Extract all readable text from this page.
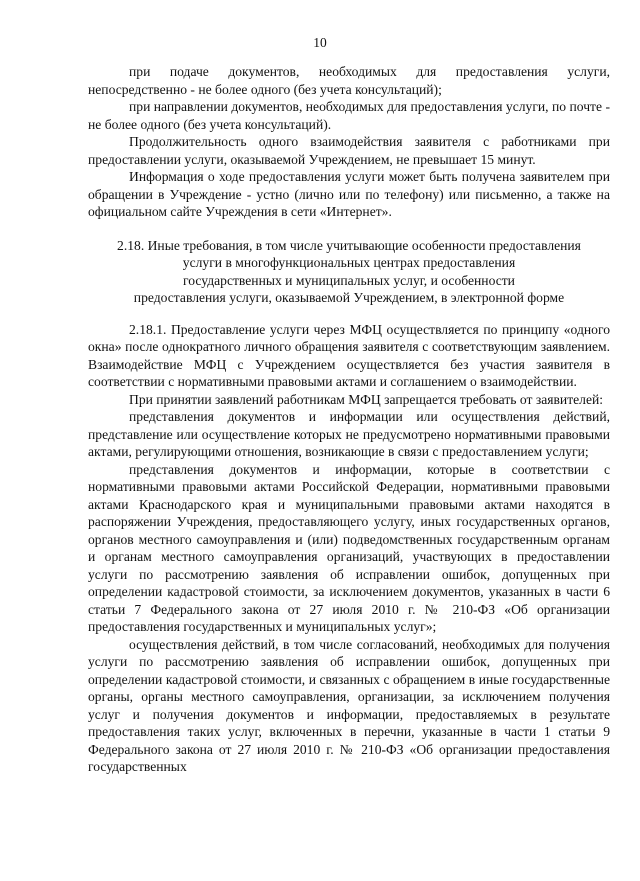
10

при подаче документов, необходимых для предоставления услуги, непосредственно - не более одного (без учета консультаций);

при направлении документов, необходимых для предоставления услуги, по почте - не более одного (без учета консультаций).

Продолжительность одного взаимодействия заявителя с работниками при предоставлении услуги, оказываемой Учреждением, не превышает 15 минут.

Информация о ходе предоставления услуги может быть получена заявителем при обращении в Учреждение - устно (лично или по телефону) или письменно, а также на официальном сайте Учреждения в сети «Интернет».

2.18. Иные требования, в том числе учитывающие особенности предоставления
услуги в многофункциональных центрах предоставления
государственных и муниципальных услуг, и особенности
предоставления услуги, оказываемой Учреждением, в электронной форме

2.18.1. Предоставление услуги через МФЦ осуществляется по принципу «одного окна» после однократного личного обращения заявителя с соответствующим заявлением. Взаимодействие МФЦ с Учреждением осуществляется без участия заявителя в соответствии с нормативными правовыми актами и соглашением о взаимодействии.

При принятии заявлений работникам МФЦ запрещается требовать от заявителей:

представления документов и информации или осуществления действий, представление или осуществление которых не предусмотрено нормативными правовыми актами, регулирующими отношения, возникающие в связи с предоставлением услуги;

представления документов и информации, которые в соответствии с нормативными правовыми актами Российской Федерации, нормативными правовыми актами Краснодарского края и муниципальными правовыми актами находятся в распоряжении Учреждения, предоставляющего услугу, иных государственных органов, органов местного самоуправления и (или) подведомственных государственным органам и органам местного самоуправления организаций, участвующих в предоставлении услуги по рассмотрению заявления об исправлении ошибок, допущенных при определении кадастровой стоимости, за исключением документов, указанных в части 6 статьи 7 Федерального закона от 27 июля 2010 г. № 210-ФЗ «Об организации предоставления государственных и муниципальных услуг»;

осуществления действий, в том числе согласований, необходимых для получения услуги по рассмотрению заявления об исправлении ошибок, допущенных при определении кадастровой стоимости, и связанных с обращением в иные государственные органы, органы местного самоуправления, организации, за исключением получения услуг и получения документов и информации, предоставляемых в результате предоставления таких услуг, включенных в перечни, указанные в части 1 статьи 9 Федерального закона от 27 июля 2010 г. № 210-ФЗ «Об организации предоставления государственных
